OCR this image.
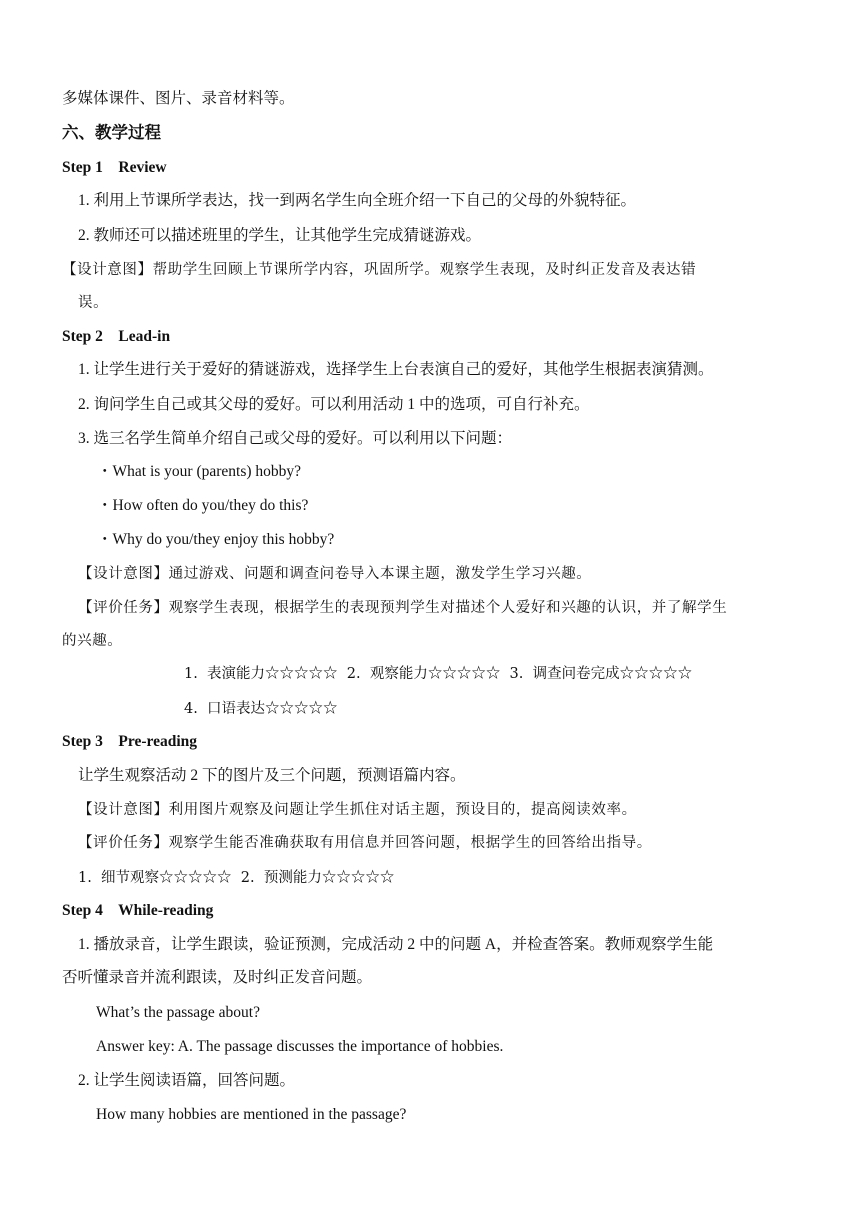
多媒体课件、图片、录音材料等。
六、教学过程
Step 1    Review
1. 利用上节课所学表达，找一到两名学生向全班介绍一下自己的父母的外貌特征。
2. 教师还可以描述班里的学生，让其他学生完成猜谜游戏。
【设计意图】帮助学生回顾上节课所学内容，巩固所学。观察学生表现，及时纠正发音及表达错
误。
Step 2    Lead-in
1. 让学生进行关于爱好的猜谜游戏，选择学生上台表演自己的爱好，其他学生根据表演猜测。
2. 询问学生自己或其父母的爱好。可以利用活动 1 中的选项，可自行补充。
3. 选三名学生简单介绍自己或父母的爱好。可以利用以下问题：
・What is your (parents) hobby?
・How often do you/they do this?
・Why do you/they enjoy this hobby?
【设计意图】通过游戏、问题和调查问卷导入本课主题，激发学生学习兴趣。
【评价任务】观察学生表现，根据学生的表现预判学生对描述个人爱好和兴趣的认识，并了解学生
的兴趣。
1.  表演能力☆☆☆☆☆  2.  观察能力☆☆☆☆☆  3.  调查问卷完成☆☆☆☆☆
4.  口语表达☆☆☆☆☆
Step 3    Pre-reading
让学生观察活动 2 下的图片及三个问题，预测语篇内容。
【设计意图】利用图片观察及问题让学生抓住对话主题，预设目的，提高阅读效率。
【评价任务】观察学生能否准确获取有用信息并回答问题，根据学生的回答给出指导。
1.  细节观察☆☆☆☆☆  2.  预测能力☆☆☆☆☆
Step 4    While-reading
1. 播放录音，让学生跟读，验证预测，完成活动 2 中的问题 A，并检查答案。教师观察学生能
否听懂录音并流利跟读，及时纠正发音问题。
What’s the passage about?
Answer key: A. The passage discusses the importance of hobbies.
2. 让学生阅读语篇，回答问题。
How many hobbies are mentioned in the passage?
